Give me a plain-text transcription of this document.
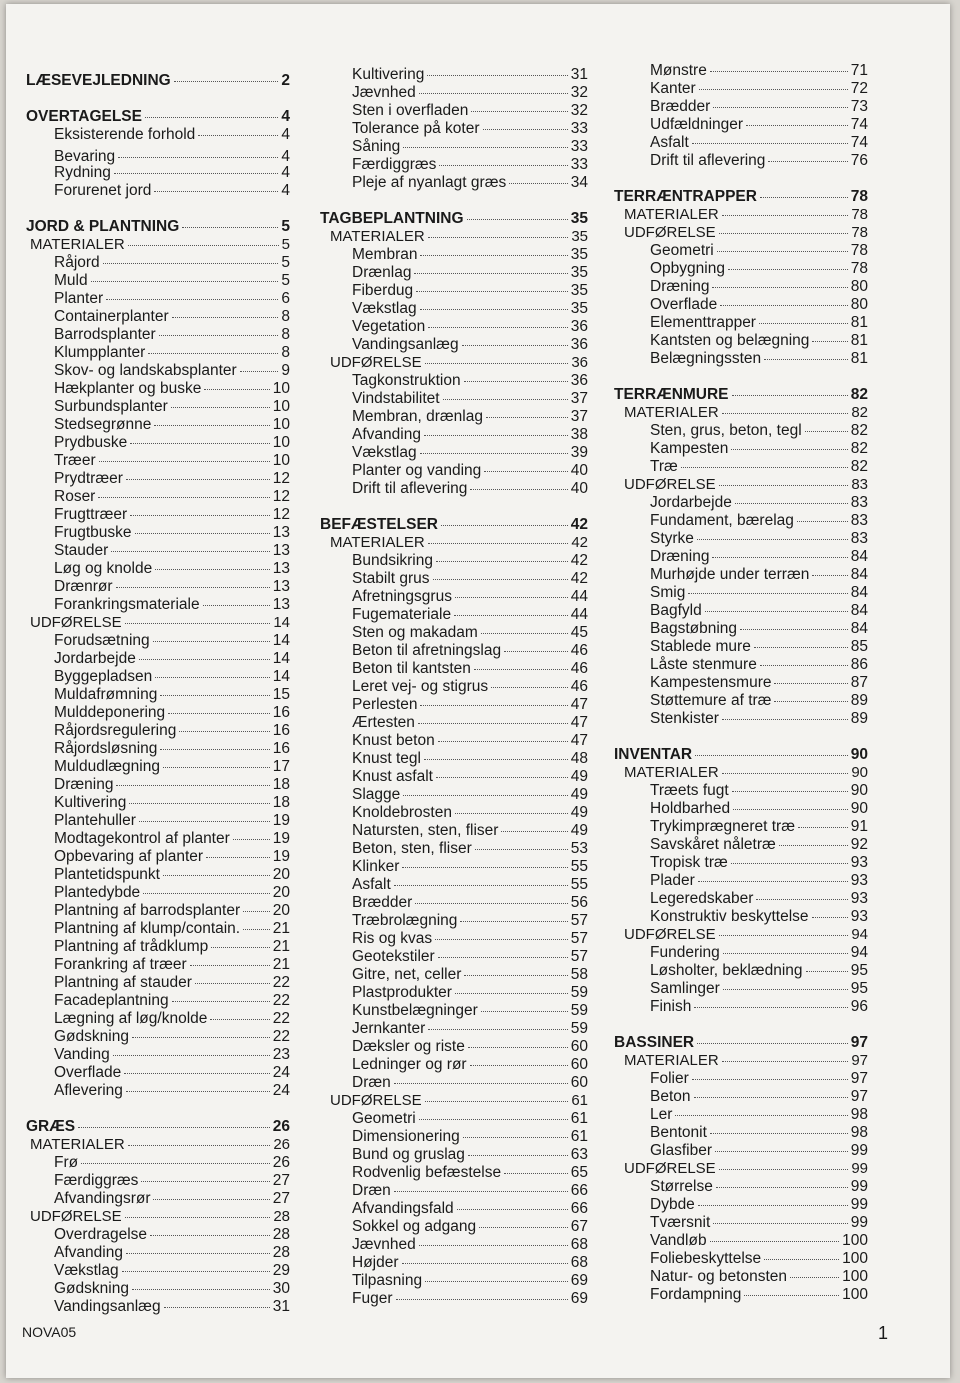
LÆSEVEJLEDNING	2
OVERTAGELSE	4
Eksisterende forhold	4
Bevaring	4
Rydning	4
Forurenet jord	4
JORD & PLANTNING	5
MATERIALER	5
Råjord	5
Muld	5
Planter	6
Containerplanter	8
Barrodsplanter	8
Klumpplanter	8
Skov- og landskabsplanter	9
Hækplanter og buske	10
Surbundsplanter	10
Stedsegrønne	10
Prydbuske	10
Træer	10
Prydtræer	12
Roser	12
Frugttræer	12
Frugtbuske	13
Stauder	13
Løg og knolde	13
Drænrør	13
Forankringsmateriale	13
UDFØRELSE	14
Forudsætning	14
Jordarbejde	14
Byggepladsen	14
Muldafrømning	15
Mulddeponering	16
Råjordsregulering	16
Råjordsløsning	16
Muldudlægning	17
Dræning	18
Kultivering	18
Plantehuller	19
Modtagekontrol af planter	19
Opbevaring af planter	19
Plantetidspunkt	20
Plantedybde	20
Plantning af barrodsplanter 20
Plantning af klump/contain. 21
Plantning af trådklump	21
Forankring af træer	21
Plantning af stauder	22
Facadeplantning	22
Lægning af løg/knolde	22
Gødskning	22
Vanding	23
Overflade	24
Aflevering	24
GRÆS	26
MATERIALER	26
Frø	26
Færdiggræs	27
Afvandingsrør	27
UDFØRELSE	28
Overdragelse	28
Afvanding	28
Vækstlag	29
Gødskning	30
Vandingsanlæg	31
Kultivering	31
Jævnhed	32
Sten i overfladen	32
Tolerance på koter	33
Såning	33
Færdiggræs	33
Pleje af nyanlagt græs	34
TAGBEPLANTNING	35
MATERIALER	35
Membran	35
Drænlag	35
Fiberdug	35
Vækstlag	35
Vegetation	36
Vandingsanlæg	36
UDFØRELSE	36
Tagkonstruktion	36
Vindstabilitet	37
Membran, drænlag	37
Afvanding	38
Vækstlag	39
Planter og vanding	40
Drift til aflevering	40
BEFÆSTELSER	42
MATERIALER	42
Bundsikring	42
Stabilt grus	42
Afretningsgrus	44
Fugemateriale	44
Sten og makadam	45
Beton til afretningslag	46
Beton til kantsten	46
Leret vej- og stigrus	46
Perlesten	47
Ærtesten	47
Knust beton	47
Knust tegl	48
Knust asfalt	49
Slagge	49
Knoldebrosten	49
Natursten, sten, fliser	49
Beton, sten, fliser	53
Klinker	55
Asfalt	55
Brædder	56
Træbrolægning	57
Ris og kvas	57
Geotekstiler	57
Gitre, net, celler	58
Plastprodukter	59
Kunstbelægninger	59
Jernkanter	59
Dæksler og riste	60
Ledninger og rør	60
Dræn	60
UDFØRELSE	61
Geometri	61
Dimensionering	61
Bund og gruslag	63
Rodvenlig befæstelse	65
Dræn	66
Afvandingsfald	66
Sokkel og adgang	67
Jævnhed	68
Højder	68
Tilpasning	69
Fuger	69
Mønstre	71
Kanter	72
Brædder	73
Udfældninger	74
Asfalt	74
Drift til aflevering	76
TERRÆNTRAPPER	78
MATERIALER	78
UDFØRELSE	78
Geometri	78
Opbygning	78
Dræning	80
Overflade	80
Elementtrapper	81
Kantsten og belægning	81
Belægningssten	81
TERRÆNMURE	82
MATERIALER	82
Sten, grus, beton, tegl	82
Kampesten	82
Træ	82
UDFØRELSE	83
Jordarbejde	83
Fundament, bærelag	83
Styrke	83
Dræning	84
Murhøjde under terræn	84
Smig	84
Bagfyld	84
Bagstøbning	84
Stablede mure	85
Låste stenmure	86
Kampestensmure	87
Støttemure af træ	89
Stenkister	89
INVENTAR	90
MATERIALER	90
Træets fugt	90
Holdbarhed	90
Trykimprægneret træ	91
Savskåret nåletræ	92
Tropisk træ	93
Plader	93
Legeredskaber	93
Konstruktiv beskyttelse	93
UDFØRELSE	94
Fundering	94
Løsholter, beklædning	95
Samlinger	95
Finish	96
BASSINER	97
MATERIALER	97
Folier	97
Beton	97
Ler	98
Bentonit	98
Glasfiber	99
UDFØRELSE	99
Størrelse	99
Dybde	99
Tværsnit	99
Vandløb	100
Foliebeskyttelse	100
Natur- og betonsten	100
Fordampning	100
NOVA05	1
